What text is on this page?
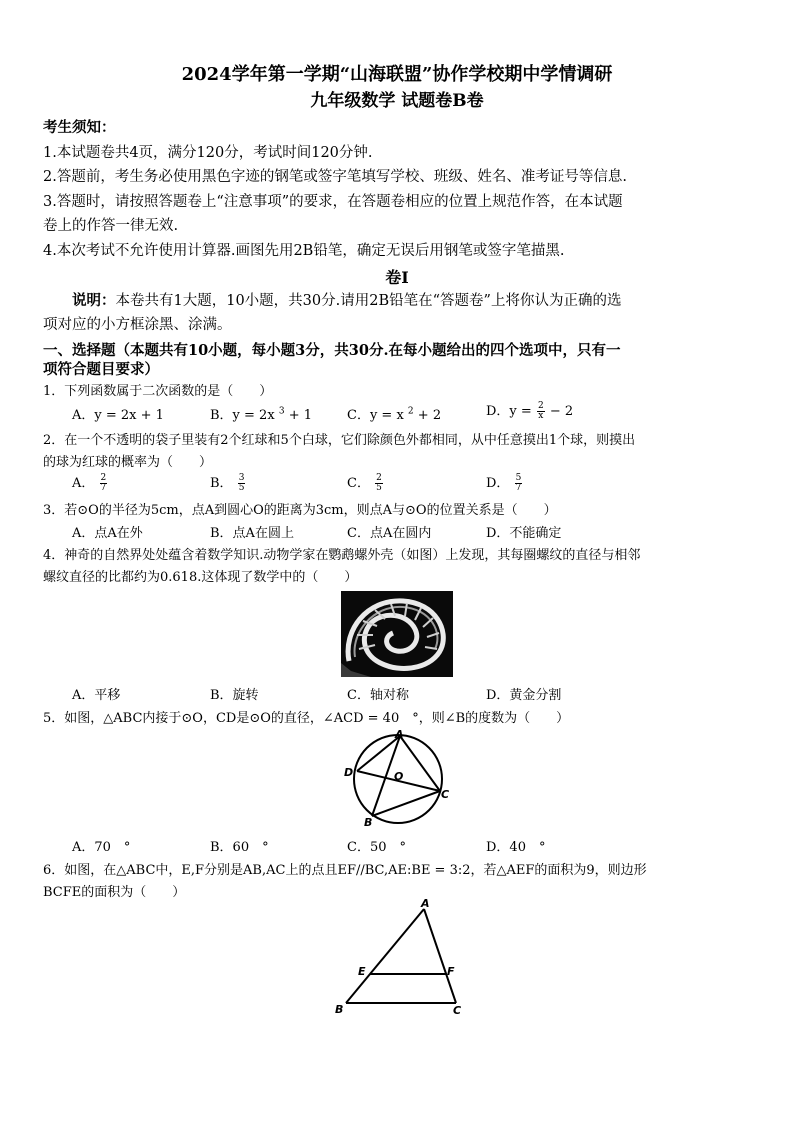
2024学年第一学期“山海联盟”协作学校期中学情调研
九年级数学 试题卷B卷
考生须知：
1.本试题卷共4页，满分120分，考试时间120分钟.
2.答题前，考生务必使用黑色字迹的钢笔或签字笔填写学校、班级、姓名、准考证号等信息.
3.答题时，请按照答题卷上“注意事项”的要求，在答题卷相应的位置上规范作答，在本试题
卷上的作答一律无效.
4.本次考试不允许使用计算器.画图先用2B铅笔，确定无误后用钢笔或签字笔描黑.
卷Ⅰ
说明：本卷共有1大题，10小题，共30分.请用2B铅笔在“答题卷”上将你认为正确的选
项对应的小方框涂黑、涂满。
一、选择题（本题共有10小题，每小题3分，共30分.在每小题给出的四个选项中，只有一
项符合题目要求）
1．下列函数属于二次函数的是（　　）
A．y = 2x + 1	B．y = 2x $^3$ + 1	C．y = x $^2$ + 2	D．$y = \frac{2}{x} - 2$
2．在一个不透明的袋子里装有2个红球和5个白球，它们除颜色外都相同，从中任意摸出1个球，则摸出
的球为红球的概率为（　　）
A． $\frac{2}{7}$	B． $\frac{3}{5}$	C． $\frac{2}{5}$	D． $\frac{5}{7}$
3．若⊙O的半径为5cm，点A到圆心O的距离为3cm，则点A与⊙O的位置关系是（　　）
A．点A在外	B．点A在圆上	C．点A在圆内	D．不能确定
4．神奇的自然界处处蕴含着数学知识.动物学家在鹦鹉螺外壳（如图）上发现，其每圈螺纹的直径与相邻
螺纹直径的比都约为0.618.这体现了数学中的（　　）
A．平移	B．旋转	C．轴对称	D．黄金分割
5．如图，△ABC内接于⊙O，CD是⊙O的直径，∠ACD = 40　°，则∠B的度数为（　　）
A
D	O
C
B
A．70　°	B．60　°	C．50　°	D．40　°
6．如图，在△ABC中，E,F分别是AB,AC上的点且EF//BC,AE:BE = 3:2，若△AEF的面积为9，则边形
BCFE的面积为（　　）
A
E	F
B	C
